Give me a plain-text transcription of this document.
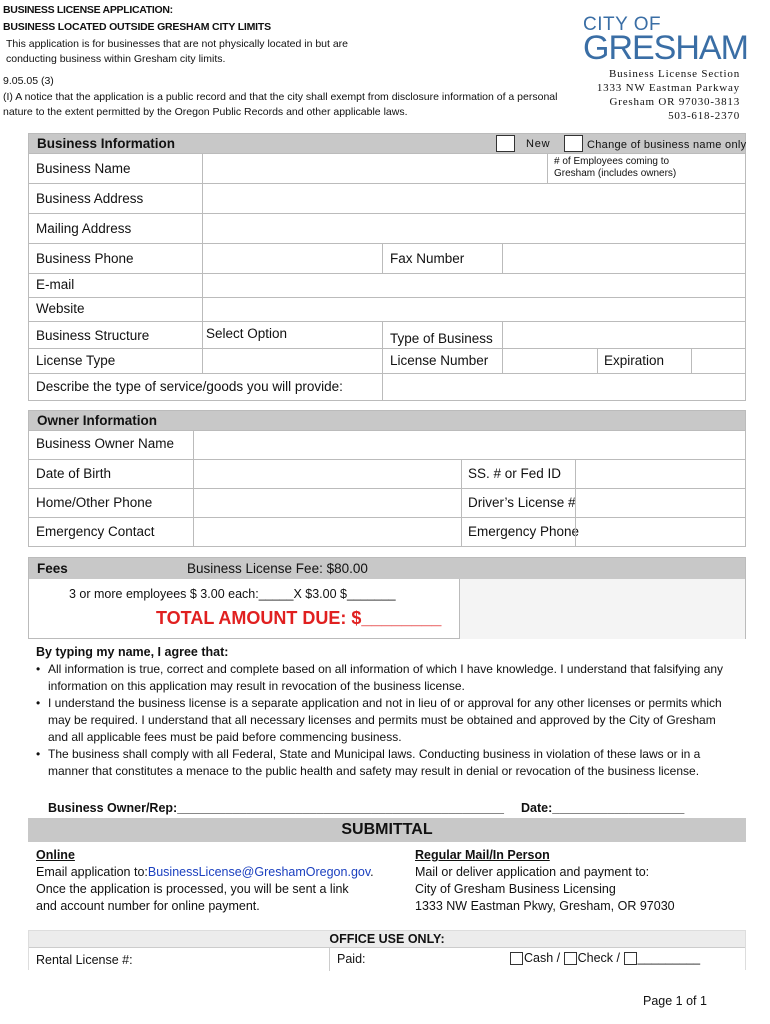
BUSINESS LICENSE APPLICATION:
BUSINESS LOCATED OUTSIDE GRESHAM CITY LIMITS
This application is for businesses that are not physically located in but are conducting business within Gresham city limits.
9.05.05 (3)
(I) A notice that the application is a public record and that the city shall exempt from disclosure information of a personal nature to the extent permitted by the Oregon Public Records and other applicable laws.
CITY OF
GRESHAM
Business License Section
1333 NW Eastman Parkway
Gresham OR 97030-3813
503-618-2370
Business Information	New	Change of business name only
Business Name	# of Employees coming to Gresham (includes owners)
Business Address
Mailing Address
Business Phone	Fax Number
E-mail
Website
Business Structure	Select Option	Type of Business
License Type	License Number	Expiration
Describe the type of service/goods you will provide:
Owner Information
Business Owner Name
Date of Birth	SS. # or Fed ID
Home/Other Phone	Driver’s License #
Emergency Contact	Emergency Phone
Fees	Business License Fee: $80.00
3 or more employees $ 3.00 each:_____X $3.00 $_______
TOTAL AMOUNT DUE: $________
By typing my name, I agree that:
• All information is true, correct and complete based on all information of which I have knowledge. I understand that falsifying any information on this application may result in revocation of the business license.
• I understand the business license is a separate application and not in lieu of or approval for any other licenses or permits which may be required. I understand that all necessary licenses and permits must be obtained and approved by the City of Gresham and all applicable fees must be paid before commencing business.
• The business shall comply with all Federal, State and Municipal laws. Conducting business in violation of these laws or in a manner that constitutes a menace to the public health and safety may result in denial or revocation of the business license.
Business Owner/Rep:_______________________________________________ Date:___________________
SUBMITTAL
Online
Email application to:BusinessLicense@GreshamOregon.gov.
Once the application is processed, you will be sent a link and account number for online payment.
Regular Mail/In Person
Mail or deliver application and payment to:
City of Gresham Business Licensing
1333 NW Eastman Pkwy, Gresham, OR 97030
OFFICE USE ONLY:
Rental License #:	Paid:	Cash / Check / _________
Page 1 of 1
